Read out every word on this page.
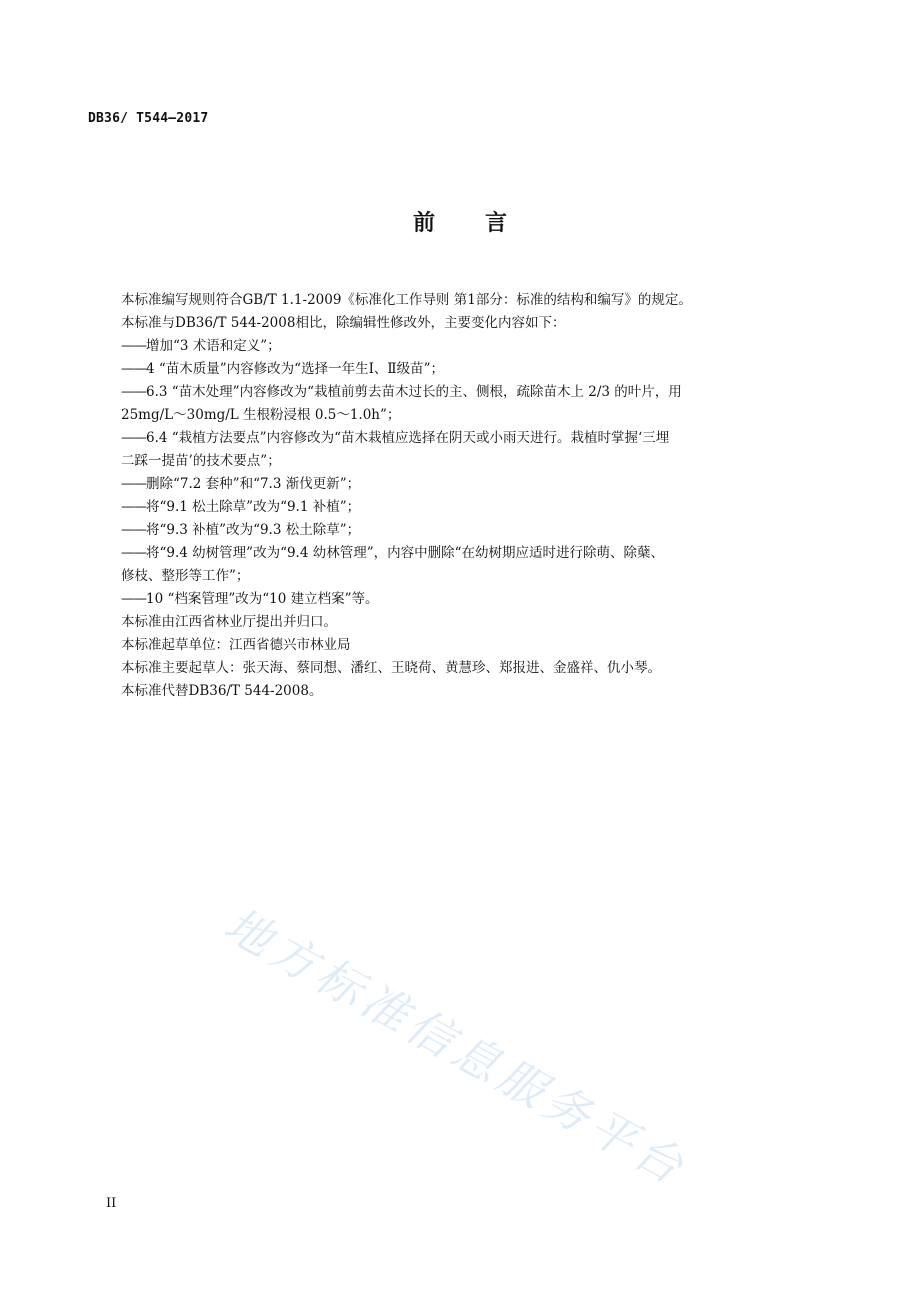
DB36/ T544—2017
前言

本标准编写规则符合GB/T 1.1-2009《标准化工作导则 第1部分：标准的结构和编写》的规定。

本标准与DB36/T 544-2008相比，除编辑性修改外，主要变化内容如下：

——增加“3 术语和定义”；

——4 “苗木质量”内容修改为“选择一年生Ⅰ、Ⅱ级苗”；

——6.3 “苗木处理”内容修改为“栽植前剪去苗木过长的主、侧根，疏除苗木上 2/3 的叶片，用
25mg/L～30mg/L 生根粉浸根 0.5～1.0h”；

——6.4 “栽植方法要点”内容修改为“苗木栽植应选择在阴天或小雨天进行。栽植时掌握‘三埋
二踩一提苗’的技术要点”；

——删除“7.2 套种”和“7.3 渐伐更新”；

——将“9.1 松土除草”改为“9.1 补植”；

——将“9.3 补植”改为“9.3 松土除草”；

——将“9.4 幼树管理”改为“9.4 幼林管理”，内容中删除“在幼树期应适时进行除萌、除蘖、
修枝、整形等工作”；

——10 “档案管理”改为“10 建立档案”等。

本标准由江西省林业厅提出并归口。

本标准起草单位：江西省德兴市林业局

本标准主要起草人：张天海、蔡同想、潘红、王晓荷、黄慧珍、郑报进、金盛祥、仇小琴。

本标准代替DB36/T 544-2008。

地方标准信息服务平台
II
